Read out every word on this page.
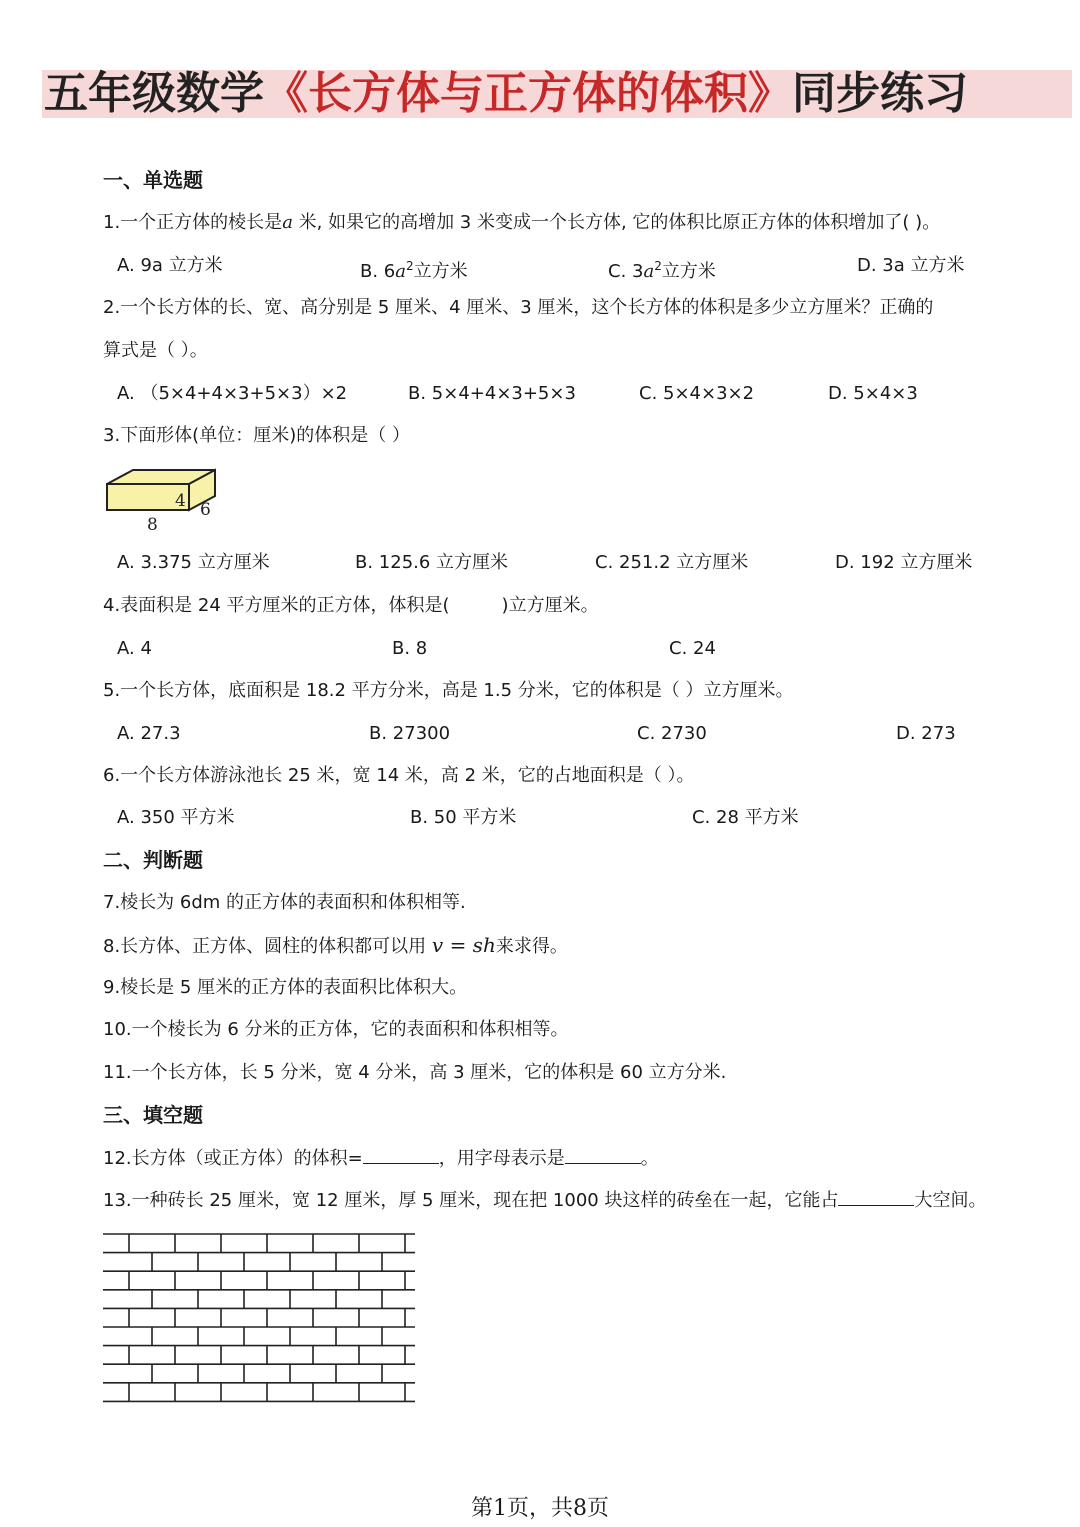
五年级数学《长方体与正方体的体积》同步练习
一、单选题
1.一个正方体的棱长是a 米, 如果它的高增加 3 米变成一个长方体, 它的体积比原正方体的体积增加了( )。
A. 9a 立方米	B. $6a^2$立方米	C. $3a^2$立方米	D. 3a 立方米
2.一个长方体的长、宽、高分别是 5 厘米、4 厘米、3 厘米，这个长方体的体积是多少立方厘米？正确的
算式是（ ）。
A. （5×4+4×3+5×3）×2	B. 5×4+4×3+5×3	C. 5×4×3×2	D. 5×4×3
3.下面形体(单位：厘米)的体积是（ ）
4 6
8
A. 3.375 立方厘米	B. 125.6 立方厘米	C. 251.2 立方厘米	D. 192 立方厘米
4.表面积是 24 平方厘米的正方体，体积是(	)立方厘米。
A. 4	B. 8	C. 24
5.一个长方体，底面积是 18.2 平方分米，高是 1.5 分米，它的体积是（ ）立方厘米。
A. 27.3	B. 27300	C. 2730	D. 273
6.一个长方体游泳池长 25 米，宽 14 米，高 2 米，它的占地面积是（ ）。
A. 350 平方米	B. 50 平方米	C. 28 平方米
二、判断题
7.棱长为 6dm 的正方体的表面积和体积相等.
8.长方体、正方体、圆柱的体积都可以用 v = sh来求得。
9.棱长是 5 厘米的正方体的表面积比体积大。
10.一个棱长为 6 分米的正方体，它的表面积和体积相等。
11.一个长方体，长 5 分米，宽 4 分米，高 3 厘米，它的体积是 60 立方分米.
三、填空题
12.长方体（或正方体）的体积=	，用字母表示是	。
13.一种砖长 25 厘米，宽 12 厘米，厚 5 厘米，现在把 1000 块这样的砖垒在一起，它能占	大空间。
第1页，共8页
